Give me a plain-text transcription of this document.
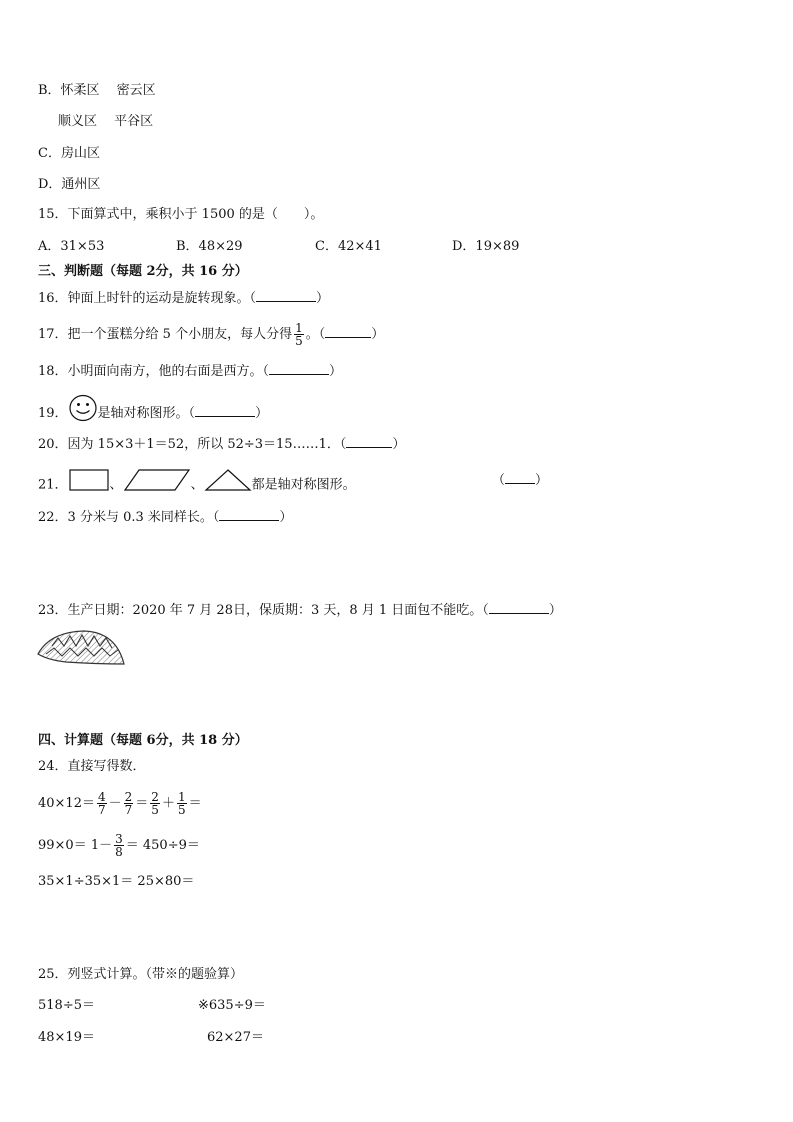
B．怀柔区　 密云区
顺义区　 平谷区
C．房山区
D．通州区
15．下面算式中，乘积小于 1500 的是（　　）。
A．31×53	B．48×29	C．42×41	D．19×89
三、判断题（每题 2分，共 16 分）
16．钟面上时针的运动是旋转现象。（	）
17．把一个蛋糕分给 5 个小朋友，每人分得 $\frac{1}{5}$ 。（	）
18．小明面向南方，他的右面是西方。（	）
19． 是轴对称图形。（	）
20．因为 15×3＋1＝52，所以 52÷3＝15……1．（	）
21．	、	、	都是轴对称图形。	（ ）
22．3 分米与 0.3 米同样长。（	）
23．生产日期：2020 年 7 月 28日，保质期：3 天，8 月 1 日面包不能吃。（	）
四、计算题（每题 6分，共 18 分）
24．直接写得数．
$40\times 12= \frac{4}{7} - \frac{2}{7} = \frac{2}{5} + \frac{1}{5}$ ＝
$99\times 0= 1- \frac{3}{8} = 450\div 9=$
35×1÷35×1＝ 25×80＝
25．列竖式计算。（带※的题验算）
518÷5＝	※635÷9＝
48×19＝	62×27＝
